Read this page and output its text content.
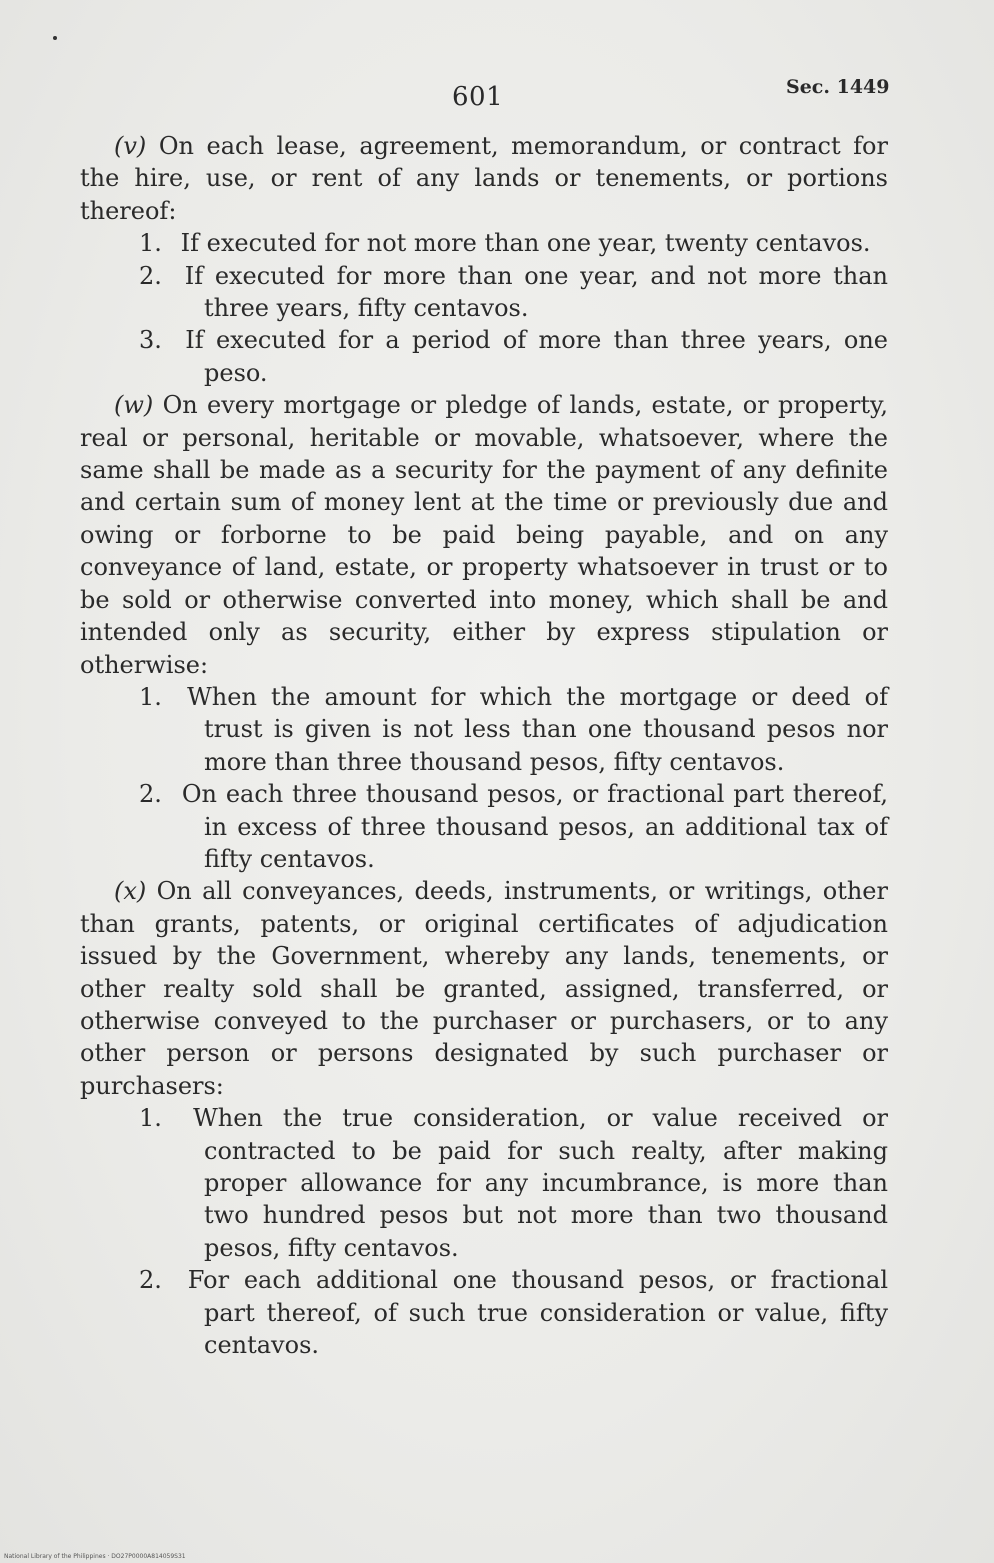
601	Sec. 1449

(v) On each lease, agreement, memorandum, or contract for the hire, use, or rent of any lands or tenements, or portions thereof:

1. If executed for not more than one year, twenty centavos.

2. If executed for more than one year, and not more than three years, fifty centavos.

3. If executed for a period of more than three years, one peso.

(w) On every mortgage or pledge of lands, estate, or property, real or personal, heritable or movable, whatsoever, where the same shall be made as a security for the payment of any definite and certain sum of money lent at the time or previously due and owing or forborne to be paid being payable, and on any conveyance of land, estate, or property whatsoever in trust or to be sold or otherwise converted into money, which shall be and intended only as security, either by express stipulation or otherwise:

1. When the amount for which the mortgage or deed of trust is given is not less than one thousand pesos nor more than three thousand pesos, fifty centavos.

2. On each three thousand pesos, or fractional part thereof, in excess of three thousand pesos, an additional tax of fifty centavos.

(x) On all conveyances, deeds, instruments, or writings, other than grants, patents, or original certificates of adjudication issued by the Government, whereby any lands, tenements, or other realty sold shall be granted, assigned, transferred, or otherwise conveyed to the purchaser or purchasers, or to any other person or persons designated by such purchaser or purchasers:

1. When the true consideration, or value received or contracted to be paid for such realty, after making proper allowance for any incumbrance, is more than two hundred pesos but not more than two thousand pesos, fifty centavos.

2. For each additional one thousand pesos, or fractional part thereof, of such true consideration or value, fifty centavos.

National Library of the Philippines · DO27P0000A814059S31
